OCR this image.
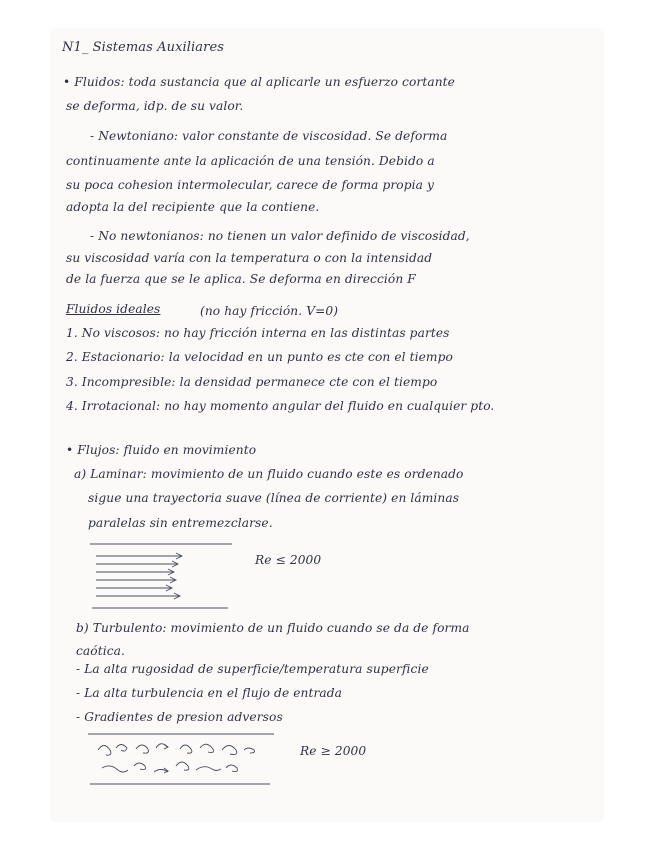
N1_ Sistemas Auxiliares
• Fluidos: toda sustancia que al aplicarle un esfuerzo cortante
se deforma, idp. de su valor.
- Newtoniano: valor constante de viscosidad. Se deforma
continuamente ante la aplicación de una tensión. Debido a
su poca cohesion intermolecular, carece de forma propia y
adopta la del recipiente que la contiene.
- No newtonianos: no tienen un valor definido de viscosidad,
su viscosidad varía con la temperatura o con la intensidad
de la fuerza que se le aplica. Se deforma en dirección F
Fluidos ideales	(no hay fricción. V=0)
1. No viscosos: no hay fricción interna en las distintas partes
2. Estacionario: la velocidad en un punto es cte con el tiempo
3. Incompresible: la densidad permanece cte con el tiempo
4. Irrotacional: no hay momento angular del fluido en cualquier pto.
• Flujos: fluido en movimiento
a) Laminar: movimiento de un fluido cuando este es ordenado
sigue una trayectoria suave (línea de corriente) en láminas
paralelas sin entremezclarse.
Re ≤ 2000
b) Turbulento: movimiento de un fluido cuando se da de forma
caótica.
- La alta rugosidad de superficie/temperatura superficie
- La alta turbulencia en el flujo de entrada
- Gradientes de presion adversos
Re ≥ 2000
